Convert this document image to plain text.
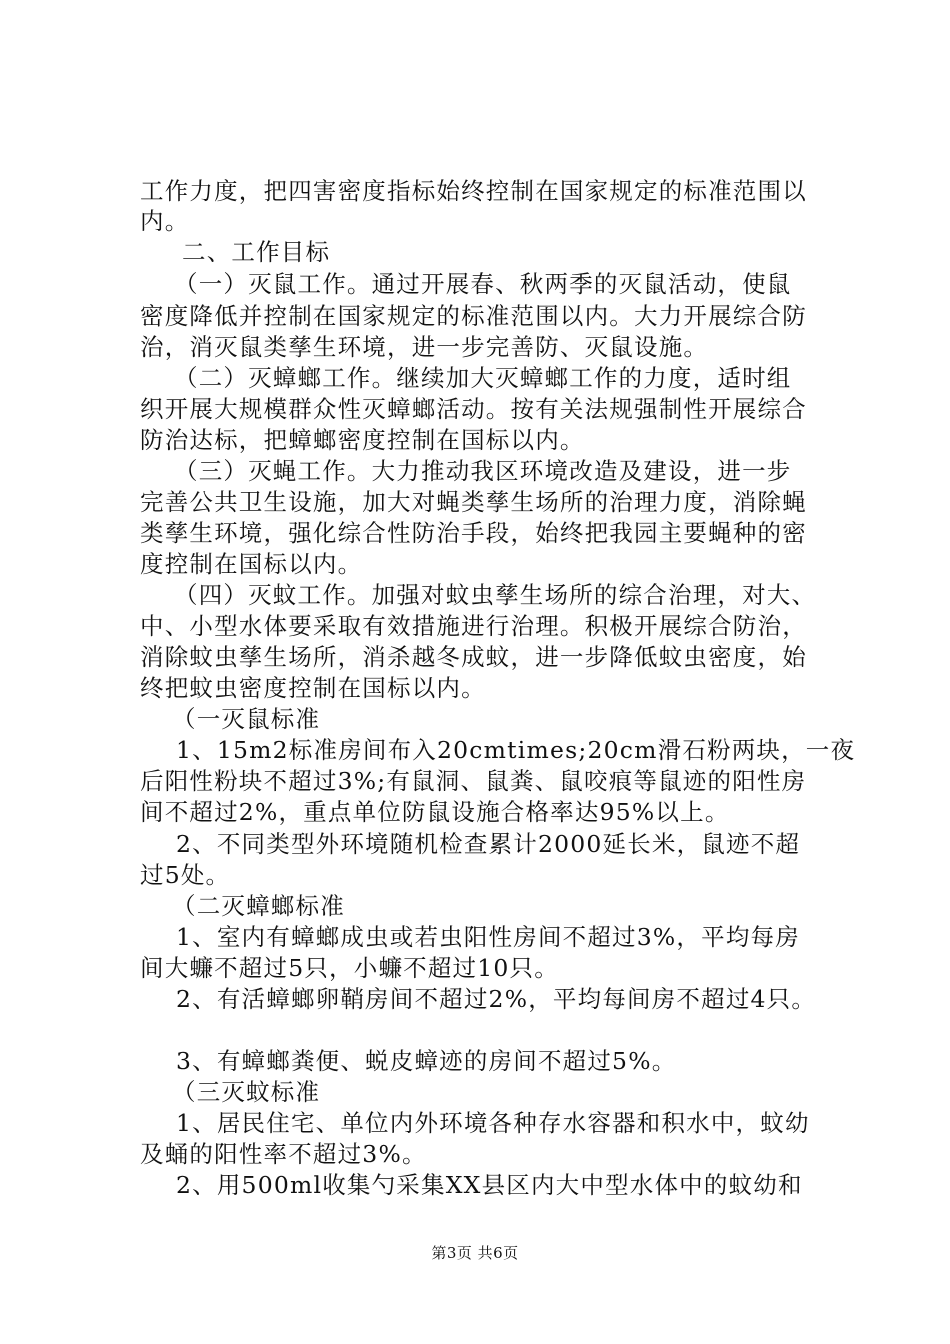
工作力度，把四害密度指标始终控制在国家规定的标准范围以
内。
二、工作目标
（一）灭鼠工作。通过开展春、秋两季的灭鼠活动，使鼠
密度降低并控制在国家规定的标准范围以内。大力开展综合防
治，消灭鼠类孳生环境，进一步完善防、灭鼠设施。
（二）灭蟑螂工作。继续加大灭蟑螂工作的力度，适时组
织开展大规模群众性灭蟑螂活动。按有关法规强制性开展综合
防治达标，把蟑螂密度控制在国标以内。
（三）灭蝇工作。大力推动我区环境改造及建设，进一步
完善公共卫生设施，加大对蝇类孳生场所的治理力度，消除蝇
类孳生环境，强化综合性防治手段，始终把我园主要蝇种的密
度控制在国标以内。
（四）灭蚊工作。加强对蚊虫孳生场所的综合治理，对大、
中、小型水体要采取有效措施进行治理。积极开展综合防治，
消除蚊虫孳生场所，消杀越冬成蚊，进一步降低蚊虫密度，始
终把蚊虫密度控制在国标以内。
（一灭鼠标准
1、15m2标准房间布入20cmtimes;20cm滑石粉两块，一夜
后阳性粉块不超过3%;有鼠洞、鼠粪、鼠咬痕等鼠迹的阳性房
间不超过2%，重点单位防鼠设施合格率达95%以上。
2、不同类型外环境随机检查累计2000延长米，鼠迹不超
过5处。
（二灭蟑螂标准
1、室内有蟑螂成虫或若虫阳性房间不超过3%，平均每房
间大蠊不超过5只，小蠊不超过10只。
2、有活蟑螂卵鞘房间不超过2%，平均每间房不超过4只。
3、有蟑螂粪便、蜕皮蟑迹的房间不超过5%。
（三灭蚊标准
1、居民住宅、单位内外环境各种存水容器和积水中，蚊幼
及蛹的阳性率不超过3%。
2、用500ml收集勺采集XX县区内大中型水体中的蚊幼和
第3页 共6页
